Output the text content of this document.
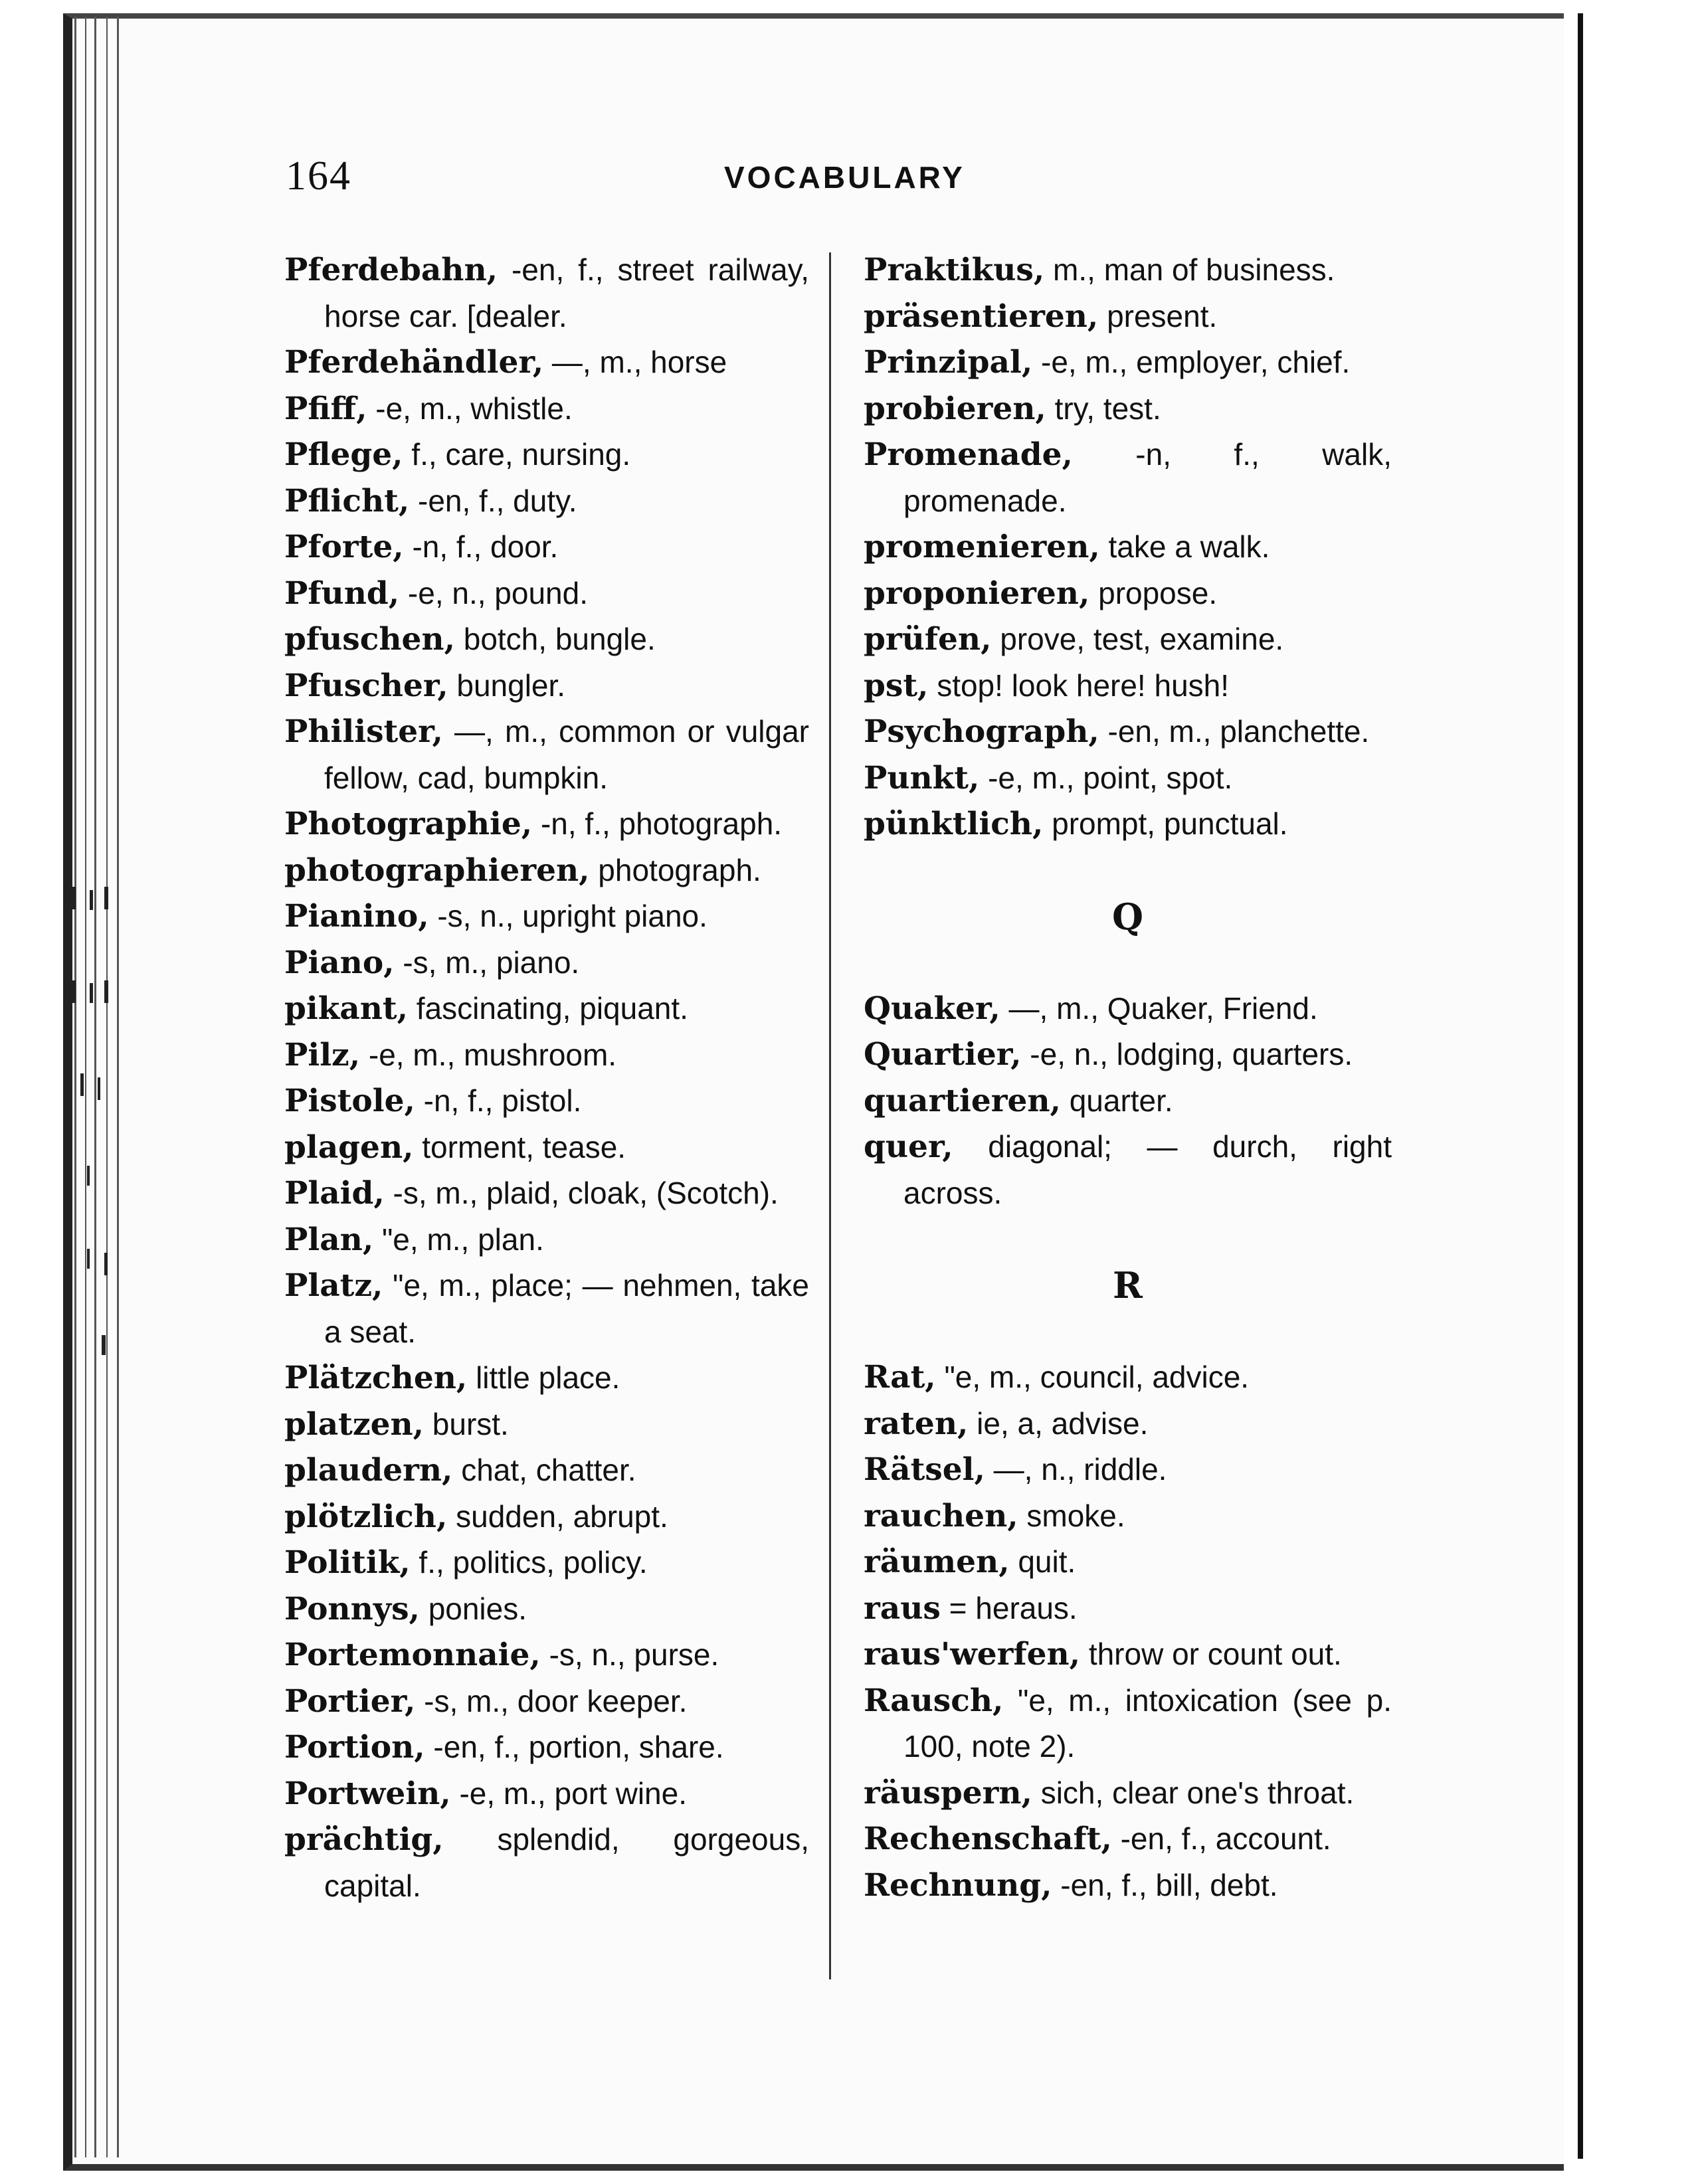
164	VOCABULARY
Pferdebahn, -en, f., street railway, horse car. [dealer.
Pferdehändler, —, m., horse
Pfiff, -e, m., whistle.
Pflege, f., care, nursing.
Pflicht, -en, f., duty.
Pforte, -n, f., door.
Pfund, -e, n., pound.
pfuschen, botch, bungle.
Pfuscher, bungler.
Philister, —, m., common or vulgar fellow, cad, bumpkin.
Photographie, -n, f., photograph.
photographieren, photograph.
Pianino, -s, n., upright piano.
Piano, -s, m., piano.
pikant, fascinating, piquant.
Pilz, -e, m., mushroom.
Pistole, -n, f., pistol.
plagen, torment, tease.
Plaid, -s, m., plaid, cloak, (Scotch).
Plan, "e, m., plan.
Platz, "e, m., place; — nehmen, take a seat.
Plätzchen, little place.
platzen, burst.
plaudern, chat, chatter.
plötzlich, sudden, abrupt.
Politik, f., politics, policy.
Ponnys, ponies.
Portemonnaie, -s, n., purse.
Portier, -s, m., door keeper.
Portion, -en, f., portion, share.
Portwein, -e, m., port wine.
prächtig, splendid, gorgeous, capital.
Praktikus, m., man of business.
präsentieren, present.
Prinzipal, -e, m., employer, chief.
probieren, try, test.
Promenade, -n, f., walk, promenade.
promenieren, take a walk.
proponieren, propose.
prüfen, prove, test, examine.
pst, stop! look here! hush!
Psychograph, -en, m., planchette.
Punkt, -e, m., point, spot.
pünktlich, prompt, punctual.
Q
Quaker, —, m., Quaker, Friend.
Quartier, -e, n., lodging, quarters.
quartieren, quarter.
quer, diagonal; — durch, right across.
R
Rat, "e, m., council, advice.
raten, ie, a, advise.
Rätsel, —, n., riddle.
rauchen, smoke.
räumen, quit.
raus = heraus.
raus'werfen, throw or count out.
Rausch, "e, m., intoxication (see p. 100, note 2).
räuspern, sich, clear one's throat.
Rechenschaft, -en, f., account.
Rechnung, -en, f., bill, debt.
